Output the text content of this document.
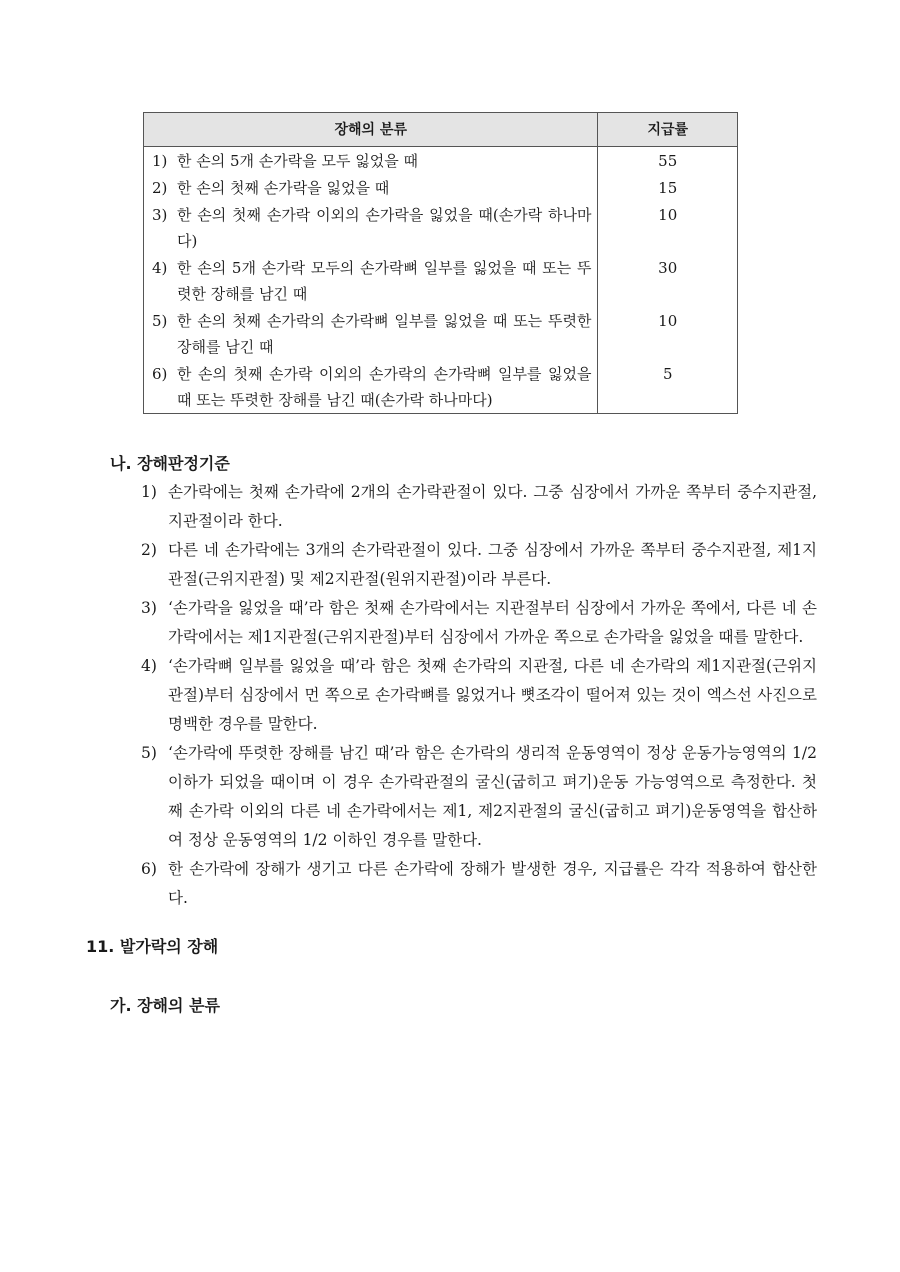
장해의 분류	지급률

1) 한 손의 5개 손가락을 모두 잃었을 때	55

2) 한 손의 첫째 손가락을 잃었을 때	15

3) 한 손의 첫째 손가락 이외의 손가락을 잃었을 때(손가락 하나마다)	10

4) 한 손의 5개 손가락 모두의 손가락뼈 일부를 잃었을 때 또는 뚜렷한 장해를 남긴 때	30

5) 한 손의 첫째 손가락의 손가락뼈 일부를 잃었을 때 또는 뚜렷한 장해를 남긴 때	10

6) 한 손의 첫째 손가락 이외의 손가락의 손가락뼈 일부를 잃었을 때 또는 뚜렷한 장해를 남긴 때(손가락 하나마다)	5
나. 장해판정기준
1) 손가락에는 첫째 손가락에 2개의 손가락관절이 있다. 그중 심장에서 가까운 쪽부터 중수지관절, 지관절이라 한다.
2) 다른 네 손가락에는 3개의 손가락관절이 있다. 그중 심장에서 가까운 쪽부터 중수지관절, 제1지관절(근위지관절) 및 제2지관절(원위지관절)이라 부른다.
3) ‘손가락을 잃었을 때’라 함은 첫째 손가락에서는 지관절부터 심장에서 가까운 쪽에서, 다른 네 손가락에서는 제1지관절(근위지관절)부터 심장에서 가까운 쪽으로 손가락을 잃었을 때를 말한다.
4) ‘손가락뼈 일부를 잃었을 때’라 함은 첫째 손가락의 지관절, 다른 네 손가락의 제1지관절(근위지관절)부터 심장에서 먼 쪽으로 손가락뼈를 잃었거나 뼛조각이 떨어져 있는 것이 엑스선 사진으로 명백한 경우를 말한다.
5) ‘손가락에 뚜렷한 장해를 남긴 때’라 함은 손가락의 생리적 운동영역이 정상 운동가능영역의 1/2 이하가 되었을 때이며 이 경우 손가락관절의 굴신(굽히고 펴기)운동 가능영역으로 측정한다. 첫째 손가락 이외의 다른 네 손가락에서는 제1, 제2지관절의 굴신(굽히고 펴기)운동영역을 합산하여 정상 운동영역의 1/2 이하인 경우를 말한다.
6) 한 손가락에 장해가 생기고 다른 손가락에 장해가 발생한 경우, 지급률은 각각 적용하여 합산한다.
11. 발가락의 장해
가. 장해의 분류
